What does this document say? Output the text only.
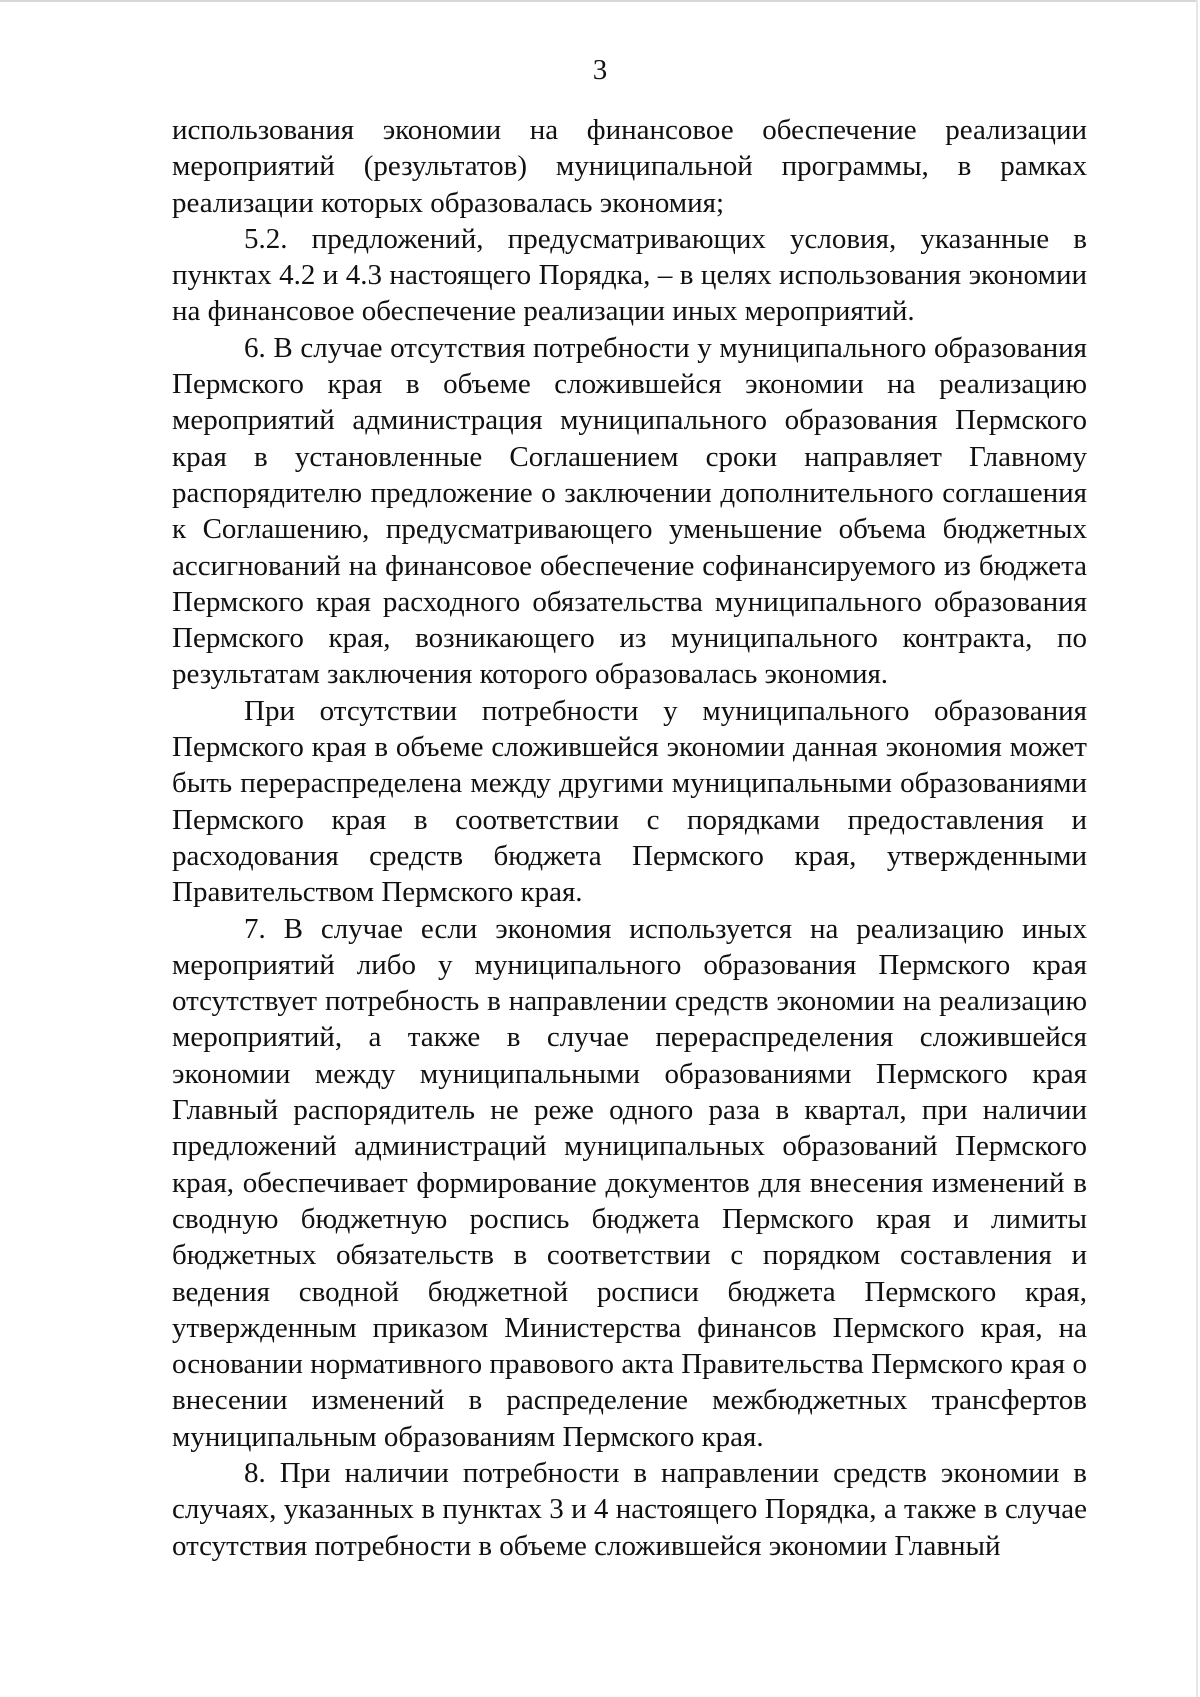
3

использования экономии на финансовое обеспечение реализации мероприятий (результатов) муниципальной программы, в рамках реализации которых образовалась экономия;

5.2. предложений, предусматривающих условия, указанные в пунктах 4.2 и 4.3 настоящего Порядка, – в целях использования экономии на финансовое обеспечение реализации иных мероприятий.

6. В случае отсутствия потребности у муниципального образования Пермского края в объеме сложившейся экономии на реализацию мероприятий администрация муниципального образования Пермского края в установленные Соглашением сроки направляет Главному распорядителю предложение о заключении дополнительного соглашения к Соглашению, предусматривающего уменьшение объема бюджетных ассигнований на финансовое обеспечение софинансируемого из бюджета Пермского края расходного обязательства муниципального образования Пермского края, возникающего из муниципального контракта, по результатам заключения которого образовалась экономия.

При отсутствии потребности у муниципального образования Пермского края в объеме сложившейся экономии данная экономия может быть перераспределена между другими муниципальными образованиями Пермского края в соответствии с порядками предоставления и расходования средств бюджета Пермского края, утвержденными Правительством Пермского края.

7. В случае если экономия используется на реализацию иных мероприятий либо у муниципального образования Пермского края отсутствует потребность в направлении средств экономии на реализацию мероприятий, а также в случае перераспределения сложившейся экономии между муниципальными образованиями Пермского края Главный распорядитель не реже одного раза в квартал, при наличии предложений администраций муниципальных образований Пермского края, обеспечивает формирование документов для внесения изменений в сводную бюджетную роспись бюджета Пермского края и лимиты бюджетных обязательств в соответствии с порядком составления и ведения сводной бюджетной росписи бюджета Пермского края, утвержденным приказом Министерства финансов Пермского края, на основании нормативного правового акта Правительства Пермского края о внесении изменений в распределение межбюджетных трансфертов муниципальным образованиям Пермского края.

8. При наличии потребности в направлении средств экономии в случаях, указанных в пунктах 3 и 4 настоящего Порядка, а также в случае отсутствия потребности в объеме сложившейся экономии Главный
